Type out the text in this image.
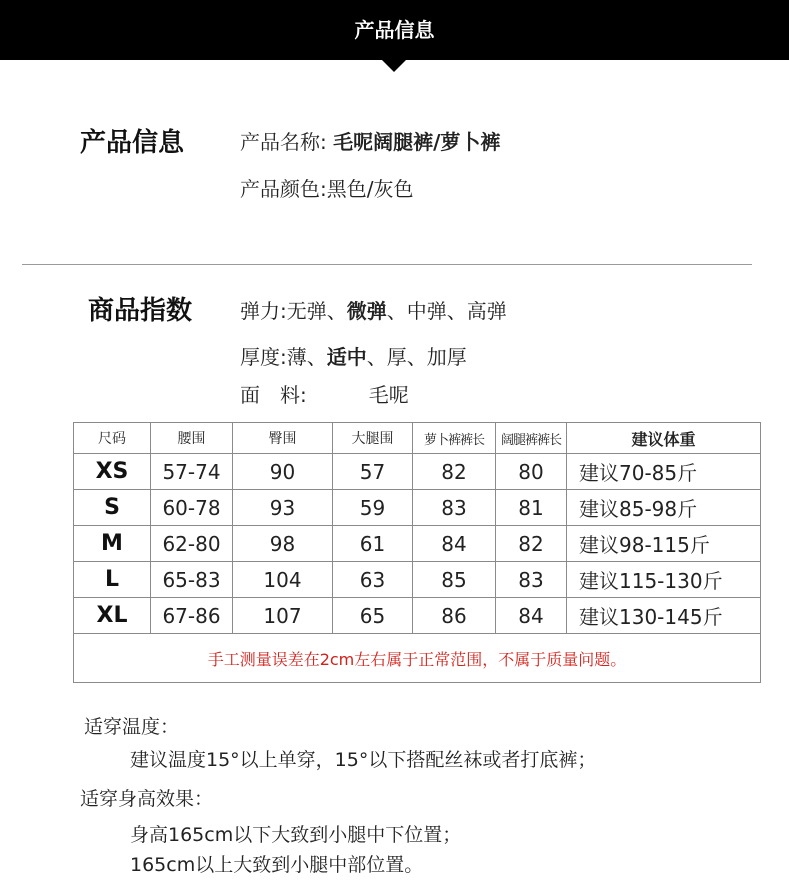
产品信息
产品信息	产品名称: 毛呢阔腿裤/萝卜裤
产品颜色:黑色/灰色
商品指数 弹力:无弹、微弹、中弹、高弹
厚度:薄、适中、厚、加厚
面　料:	毛呢
尺码	腰围	臀围	大腿围	萝卜裤裤长	阔腿裤裤长	建议体重
XS	57-74	90	57	82	80	建议70-85斤
S	60-78	93	59	83	81	建议85-98斤
M	62-80	98	61	84	82	建议98-115斤
L	65-83	104	63	85	83	建议115-130斤
XL	67-86	107	65	86	84	建议130-145斤
手工测量误差在2cm左右属于正常范围，不属于质量问题。						
适穿温度：
建议温度15°以上单穿，15°以下搭配丝袜或者打底裤；
适穿身高效果：
身高165cm以下大致到小腿中下位置；
165cm以上大致到小腿中部位置。
